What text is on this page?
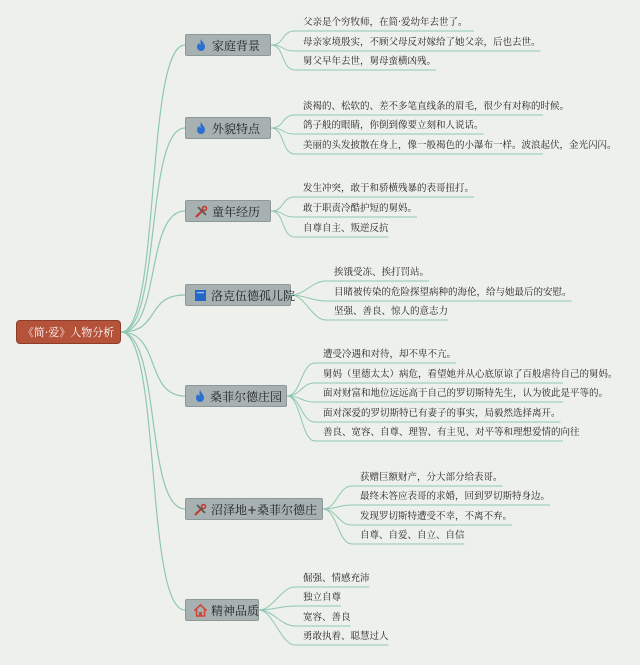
《简·爱》人物分析
家庭背景
父亲是个穷牧师，在简·爱幼年去世了。
母亲家境殷实，不顾父母反对嫁给了她父亲，后也去世。
舅父早年去世，舅母蛮横凶残。
外貌特点
淡褐的、松软的、差不多笔直线条的眉毛，很少有对称的时候。
鸽子般的眼睛，你倒到像要立刻和人说话。
美丽的头发披散在身上，像一般褐色的小瀑布一样。波浪起伏，金光闪闪。
童年经历
发生冲突，敢于和骄横残暴的表哥扭打。
敢于职责冷酷护短的舅妈。
自尊自主、叛逆反抗
洛克伍德孤儿院
挨饿受冻、挨打罚站。
目睹被传染的危险探望病种的海伦，给与她最后的安慰。
坚强、善良、惊人的意志力
桑菲尔德庄园
遭受冷遇和对待，却不卑不亢。
舅妈（里德太太）病危，看望她并从心底原谅了百般虐待自己的舅妈。
面对财富和地位远远高于自己的罗切斯特先生，认为彼此是平等的。
面对深爱的罗切斯特已有妻子的事实，局毅然选择离开。
善良、宽容、自尊、理智、有主见、对平等和理想爱情的向往
沼泽地+桑菲尔德庄
获赠巨额财产，分大部分给表哥。
最终未答应表哥的求婚，回到罗切斯特身边。
发现罗切斯特遭受不幸，不离不弃。
自尊、自爱、自立、自信
精神品质
倔强、情感充沛
独立自尊
宽容、善良
勇敢执着、聪慧过人
